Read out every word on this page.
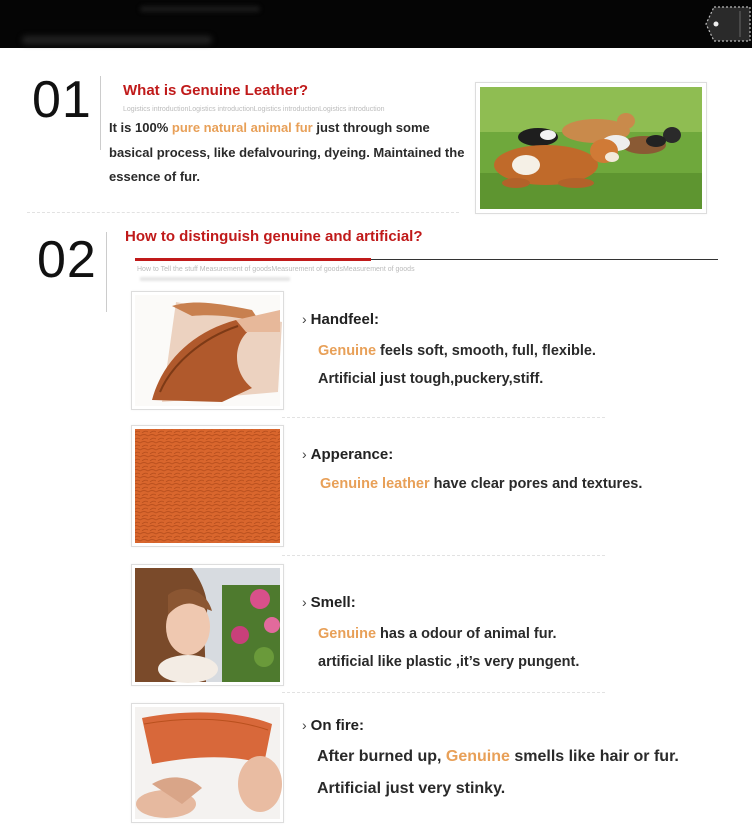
01 What is Genuine Leather?
Logistics introductionLogistics introductionLogistics introductionLogistics introduction
It is 100% pure natural animal fur just through some basical process, like defalvouring, dyeing. Maintained the essence of fur.
02 How to distinguish genuine and artificial?
How to Tell the stuff Measurement of goodsMeasurement of goodsMeasurement of goods
› Handfeel:
Genuine feels soft, smooth, full, flexible.
Artificial just tough,puckery,stiff.
› Apperance:
Genuine leather have clear pores and textures.
› Smell:
Genuine has a odour of animal fur.
artificial like plastic ,it’s very pungent.
› On fire:
After burned up, Genuine smells like hair or fur.
Artificial just very stinky.
